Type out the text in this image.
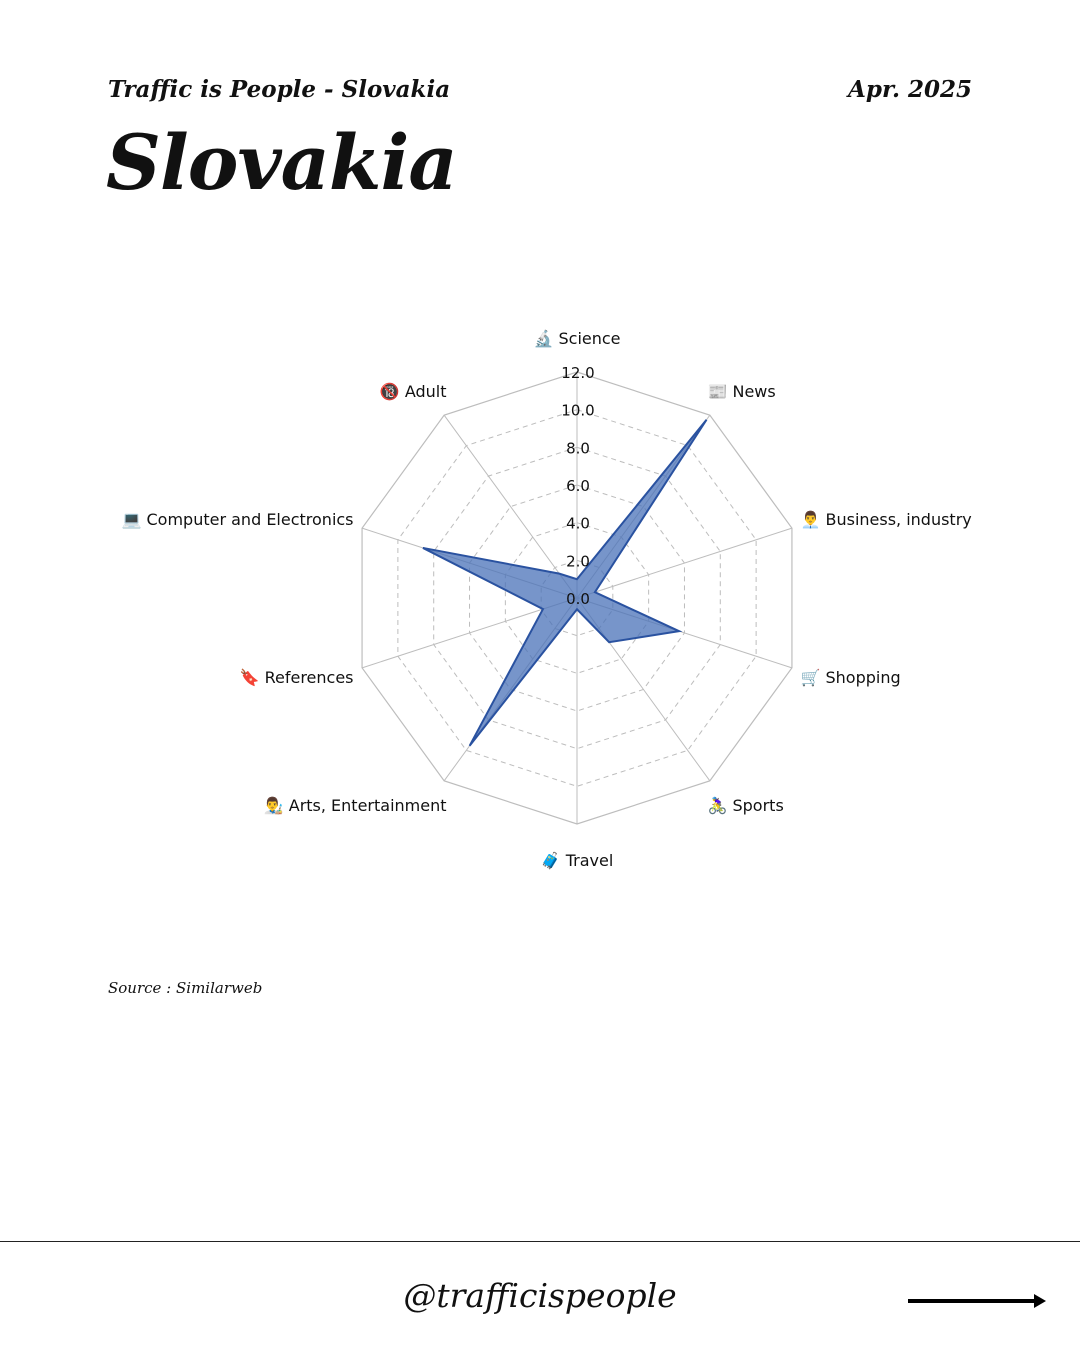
Traffic is People - Slovakia	Apr. 2025
Slovakia
0.0
2.0
4.0
6.0
8.0
10.0
12.0
🔬 Science
📰 News
👨‍💼 Business, industry
🛒 Shopping
🚴‍♀️ Sports
🧳 Travel
👨‍🎨 Arts, Entertainment
🔖 References
💻 Computer and Electronics
🔞 Adult
Source : Similarweb
@trafficispeople
